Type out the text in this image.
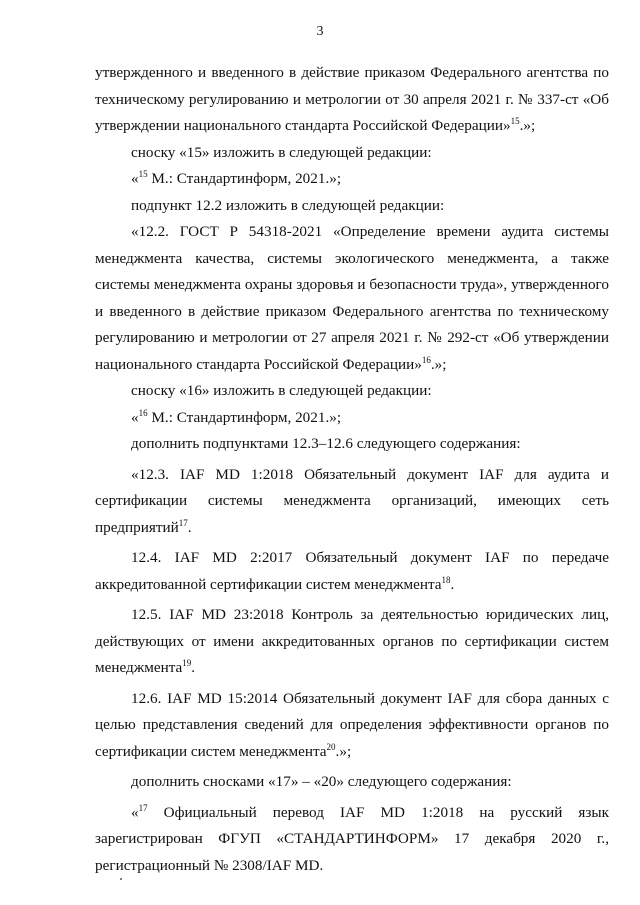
3

утвержденного и введенного в действие приказом Федерального агентства по техническому регулированию и метрологии от 30 апреля 2021 г. № 337-ст «Об утверждении национального стандарта Российской Федерации»$^{15}$.»;

сноску «15» изложить в следующей редакции:

«$^{15}$ М.: Стандартинформ, 2021.»;

подпункт 12.2 изложить в следующей редакции:

«12.2. ГОСТ Р 54318-2021 «Определение времени аудита системы менеджмента качества, системы экологического менеджмента, а также системы менеджмента охраны здоровья и безопасности труда», утвержденного и введенного в действие приказом Федерального агентства по техническому регулированию и метрологии от 27 апреля 2021 г. № 292-ст «Об утверждении национального стандарта Российской Федерации»$^{16}$.»;

сноску «16» изложить в следующей редакции:

«$^{16}$ М.: Стандартинформ, 2021.»;

дополнить подпунктами 12.3–12.6 следующего содержания:

«12.3. IAF MD 1:2018 Обязательный документ IAF для аудита и сертификации системы менеджмента организаций, имеющих сеть предприятий$^{17}$.

12.4. IAF MD 2:2017 Обязательный документ IAF по передаче аккредитованной сертификации систем менеджмента$^{18}$.

12.5. IAF MD 23:2018 Контроль за деятельностью юридических лиц, действующих от имени аккредитованных органов по сертификации систем менеджмента$^{19}$.

12.6. IAF MD 15:2014 Обязательный документ IAF для сбора данных с целью представления сведений для определения эффективности органов по сертификации систем менеджмента$^{20}$.»;

дополнить сносками «17» – «20» следующего содержания:

«$^{17}$ Официальный перевод IAF MD 1:2018 на русский язык зарегистрирован ФГУП «СТАНДАРТИНФОРМ» 17 декабря 2020 г., регистрационный № 2308/IAF MD.
